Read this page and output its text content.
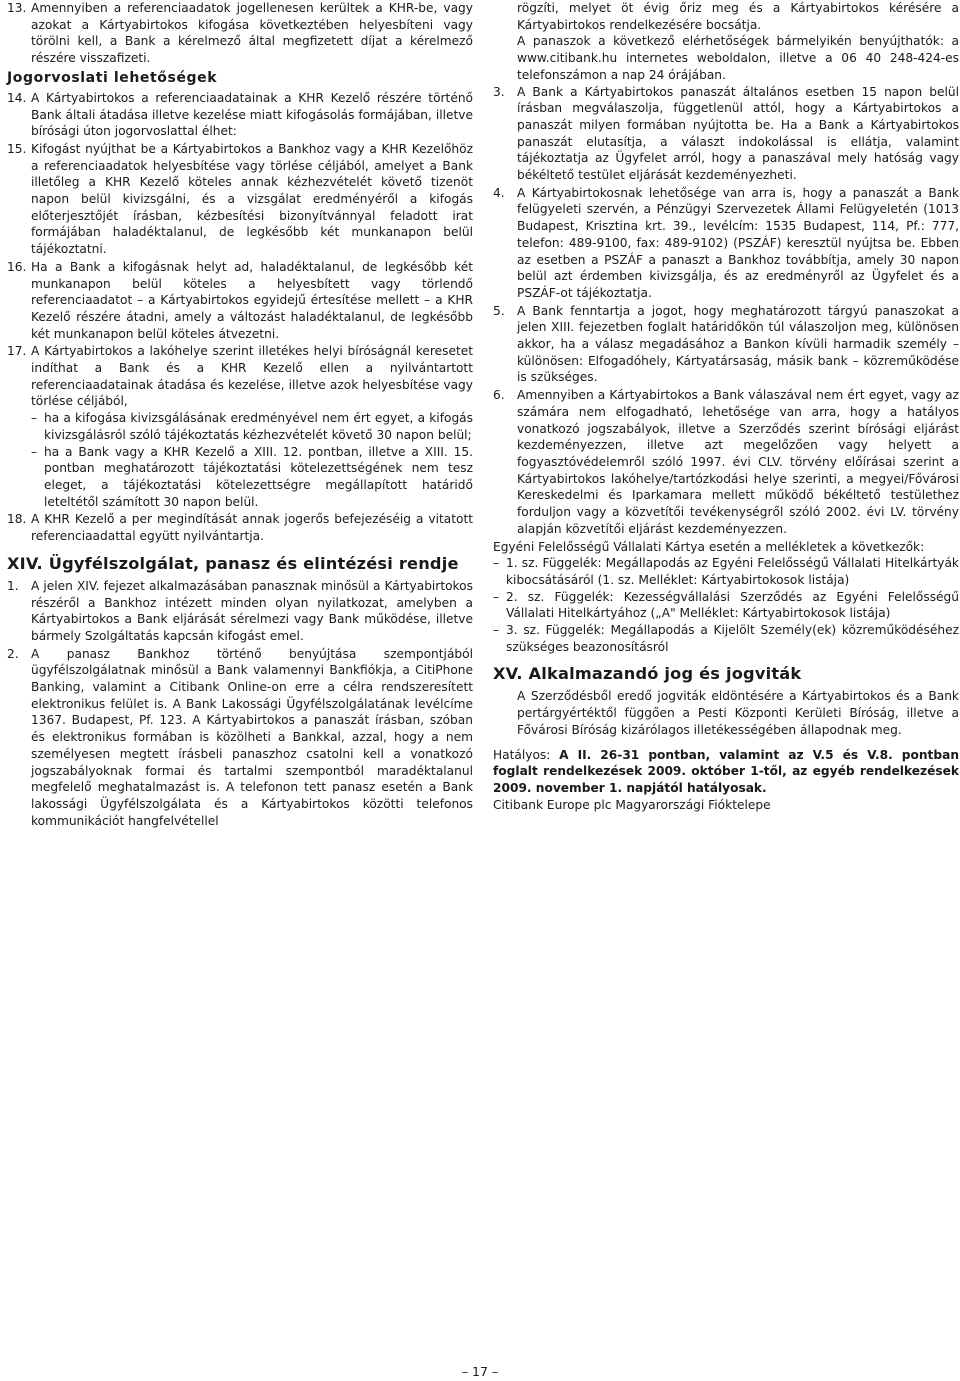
13. Amennyiben a referenciaadatok jogellenesen kerültek a KHR-be, vagy azokat a Kártyabirtokos kifogása következtében helyesbíteni vagy törölni kell, a Bank a kérelmező által megfizetett díjat a kérelmező részére visszafizeti.

Jogorvoslati lehetőségek

14. A Kártyabirtokos a referenciaadatainak a KHR Kezelő részére történő Bank általi átadása illetve kezelése miatt kifogásolás formájában, illetve bírósági úton jogorvoslattal élhet:

15. Kifogást nyújthat be a Kártyabirtokos a Bankhoz vagy a KHR Kezelőhöz a referenciaadatok helyesbítése vagy törlése céljából, amelyet a Bank illetőleg a KHR Kezelő köteles annak kézhezvételét követő tizenöt napon belül kivizsgálni, és a vizsgálat eredményéről a kifogás előterjesztőjét írásban, kézbesítési bizonyítvánnyal feladott irat formájában haladéktalanul, de legkésőbb két munkanapon belül tájékoztatni.

16. Ha a Bank a kifogásnak helyt ad, haladéktalanul, de legkésőbb két munkanapon belül köteles a helyesbített vagy törlendő referenciaadatot – a Kártyabirtokos egyidejű értesítése mellett – a KHR Kezelő részére átadni, amely a változást haladéktalanul, de legkésőbb két munkanapon belül köteles átvezetni.

17. A Kártyabirtokos a lakóhelye szerint illetékes helyi bíróságnál keresetet indíthat a Bank és a KHR Kezelő ellen a nyilvántartott referenciaadatainak átadása és kezelése, illetve azok helyesbítése vagy törlése céljából,

– ha a kifogása kivizsgálásának eredményével nem ért egyet, a kifogás kivizsgálásról szóló tájékoztatás kézhezvételét követő 30 napon belül;

– ha a Bank vagy a KHR Kezelő a XIII. 12. pontban, illetve a XIII. 15. pontban meghatározott tájékoztatási kötelezettségének nem tesz eleget, a tájékoztatási kötelezettségre megállapított határidő leteltétől számított 30 napon belül.

18. A KHR Kezelő a per megindítását annak jogerős befejezéséig a vitatott referenciaadattal együtt nyilvántartja.

XIV. Ügyfélszolgálat, panasz és elintézési rendje

1. A jelen XIV. fejezet alkalmazásában panasznak minősül a Kártyabirtokos részéről a Bankhoz intézett minden olyan nyilatkozat, amelyben a Kártyabirtokos a Bank eljárását sérelmezi vagy Bank működése, illetve bármely Szolgáltatás kapcsán kifogást emel.

2. A panasz Bankhoz történő benyújtása szempontjából ügyfélszolgálatnak minősül a Bank valamennyi Bankfiókja, a CitiPhone Banking, valamint a Citibank Online-on erre a célra rendszeresített elektronikus felület is. A Bank Lakossági Ügyfélszolgálatának levélcíme 1367. Budapest, Pf. 123. A Kártyabirtokos a panaszát írásban, szóban és elektronikus formában is közölheti a Bankkal, azzal, hogy a nem személyesen megtett írásbeli panaszhoz csatolni kell a vonatkozó jogszabályoknak formai és tartalmi szempontból maradéktalanul megfelelő meghatalmazást is. A telefonon tett panasz esetén a Bank lakossági Ügyfélszolgálata és a Kártyabirtokos közötti telefonos kommunikációt hangfelvétellel

rögzíti, melyet öt évig őriz meg és a Kártyabirtokos kérésére a Kártyabirtokos rendelkezésére bocsátja.

A panaszok a következő elérhetőségek bármelyikén benyújthatók: a www.citibank.hu internetes weboldalon, illetve a 06 40 248-424-es telefonszámon a nap 24 órájában.

3. A Bank a Kártyabirtokos panaszát általános esetben 15 napon belül írásban megválaszolja, függetlenül attól, hogy a Kártyabirtokos a panaszát milyen formában nyújtotta be. Ha a Bank a Kártyabirtokos panaszát elutasítja, a választ indokolással is ellátja, valamint tájékoztatja az Ügyfelet arról, hogy a panaszával mely hatóság vagy békéltető testület eljárását kezdeményezheti.

4. A Kártyabirtokosnak lehetősége van arra is, hogy a panaszát a Bank felügyeleti szervén, a Pénzügyi Szervezetek Állami Felügyeletén (1013 Budapest, Krisztina krt. 39., levélcím: 1535 Budapest, 114, Pf.: 777, telefon: 489-9100, fax: 489-9102) (PSZÁF) keresztül nyújtsa be. Ebben az esetben a PSZÁF a panaszt a Bankhoz továbbítja, amely 30 napon belül azt érdemben kivizsgálja, és az eredményről az Ügyfelet és a PSZÁF-ot tájékoztatja.

5. A Bank fenntartja a jogot, hogy meghatározott tárgyú panaszokat a jelen XIII. fejezetben foglalt határidőkön túl válaszoljon meg, különösen akkor, ha a válasz megadásához a Bankon kívüli harmadik személy – különösen: Elfogadóhely, Kártyatársaság, másik bank – közreműködése is szükséges.

6. Amennyiben a Kártyabirtokos a Bank válaszával nem ért egyet, vagy az számára nem elfogadható, lehetősége van arra, hogy a hatályos vonatkozó jogszabályok, illetve a Szerződés szerint bírósági eljárást kezdeményezzen, illetve azt megelőzően vagy helyett a fogyasztóvédelemről szóló 1997. évi CLV. törvény előírásai szerint a Kártyabirtokos lakóhelye/tartózkodási helye szerinti, a megyei/Fővárosi Kereskedelmi és Iparkamara mellett működő békéltető testülethez forduljon vagy a közvetítői tevékenységről szóló 2002. évi LV. törvény alapján közvetítői eljárást kezdeményezzen.

Egyéni Felelősségű Vállalati Kártya esetén a mellékletek a következők:

– 1. sz. Függelék: Megállapodás az Egyéni Felelősségű Vállalati Hitelkártyák kibocsátásáról (1. sz. Melléklet: Kártyabirtokosok listája)

– 2. sz. Függelék: Kezességvállalási Szerződés az Egyéni Felelősségű Vállalati Hitelkártyához („A" Melléklet: Kártyabirtokosok listája)

– 3. sz. Függelék: Megállapodás a Kijelölt Személy(ek) közreműködéséhez szükséges beazonosításról

XV. Alkalmazandó jog és jogviták

A Szerződésből eredő jogviták eldöntésére a Kártyabirtokos és a Bank pertárgyértéktől függően a Pesti Központi Kerületi Bíróság, illetve a Fővárosi Bíróság kizárólagos illetékességében állapodnak meg.

Hatályos: A II. 26-31 pontban, valamint az V.5 és V.8. pontban foglalt rendelkezések 2009. október 1-től, az egyéb rendelkezések 2009. november 1. napjától hatályosak.

Citibank Europe plc Magyarországi Fióktelepe

– 17 –
